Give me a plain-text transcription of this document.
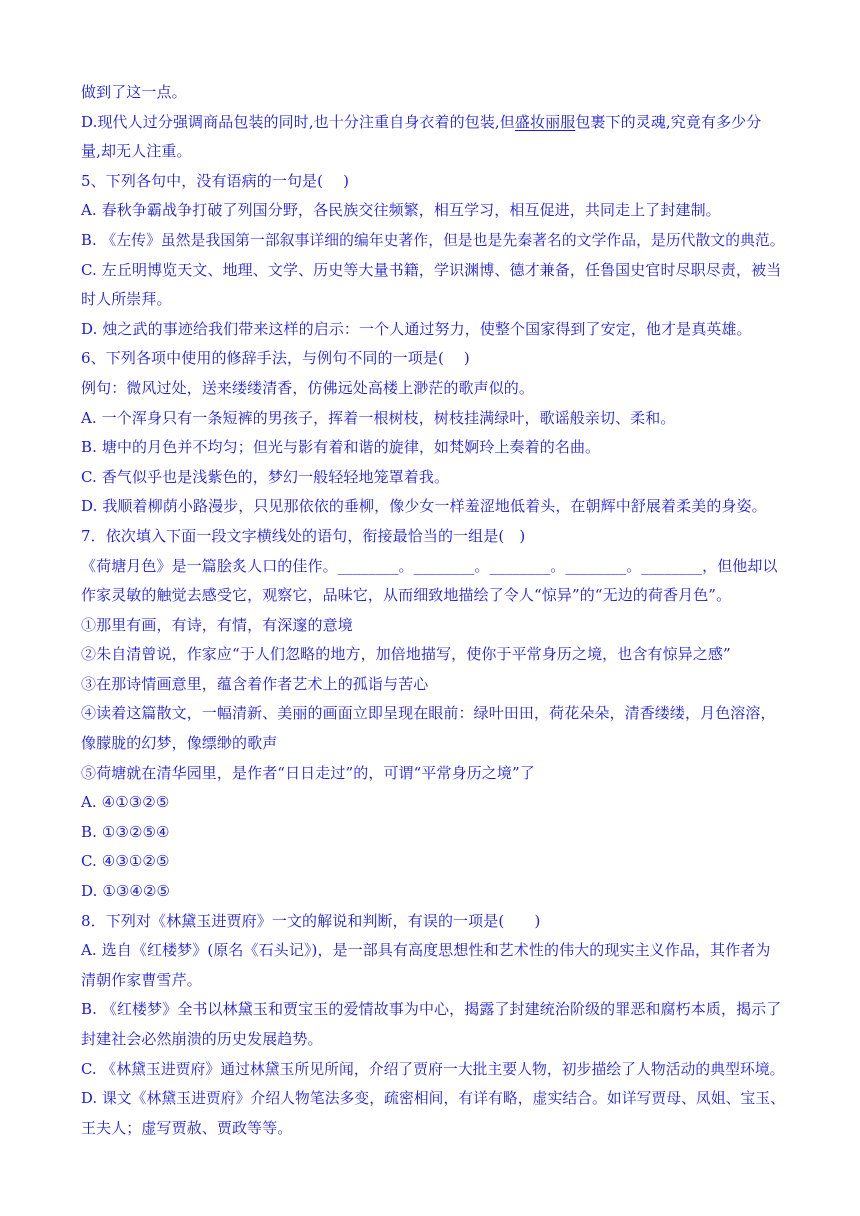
做到了这一点。
D.现代人过分强调商品包装的同时,也十分注重自身衣着的包装,但盛妆丽服包裹下的灵魂,究竟有多少分
量,却无人注重。
5、下列各句中，没有语病的一句是(　 )
A. 春秋争霸战争打破了列国分野，各民族交往频繁，相互学习，相互促进，共同走上了封建制。
B. 《左传》虽然是我国第一部叙事详细的编年史著作，但是也是先秦著名的文学作品，是历代散文的典范。
C. 左丘明博览天文、地理、文学、历史等大量书籍，学识渊博、德才兼备，任鲁国史官时尽职尽责，被当
时人所崇拜。
D. 烛之武的事迹给我们带来这样的启示：一个人通过努力，使整个国家得到了安定，他才是真英雄。
6、下列各项中使用的修辞手法，与例句不同的一项是(　 )
例句：微风过处，送来缕缕清香，仿佛远处高楼上渺茫的歌声似的。
A. 一个浑身只有一条短裤的男孩子，挥着一根树枝，树枝挂满绿叶，歌谣般亲切、柔和。
B. 塘中的月色并不均匀；但光与影有着和谐的旋律，如梵婀玲上奏着的名曲。
C. 香气似乎也是浅紫色的，梦幻一般轻轻地笼罩着我。
D. 我顺着柳荫小路漫步，只见那依依的垂柳，像少女一样羞涩地低着头，在朝辉中舒展着柔美的身姿。
7．依次填入下面一段文字横线处的语句，衔接最恰当的一组是(　)
《荷塘月色》是一篇脍炙人口的佳作。________。________。________。________。________，但他却以
作家灵敏的触觉去感受它，观察它，品味它，从而细致地描绘了令人“惊异”的“无边的荷香月色”。
①那里有画，有诗，有情，有深邃的意境
②朱自清曾说，作家应“于人们忽略的地方，加倍地描写，使你于平常身历之境，也含有惊异之感”
③在那诗情画意里，蕴含着作者艺术上的孤诣与苦心
④读着这篇散文，一幅清新、美丽的画面立即呈现在眼前：绿叶田田，荷花朵朵，清香缕缕，月色溶溶，
像朦胧的幻梦，像缥缈的歌声
⑤荷塘就在清华园里，是作者“日日走过”的，可谓“平常身历之境”了
A. ④①③②⑤
B. ①③②⑤④
C. ④③①②⑤
D. ①③④②⑤
8．下列对《林黛玉进贾府》一文的解说和判断，有误的一项是(　　)
A. 选自《红楼梦》(原名《石头记》)，是一部具有高度思想性和艺术性的伟大的现实主义作品，其作者为
清朝作家曹雪芹。
B. 《红楼梦》全书以林黛玉和贾宝玉的爱情故事为中心，揭露了封建统治阶级的罪恶和腐朽本质，揭示了
封建社会必然崩溃的历史发展趋势。
C. 《林黛玉进贾府》通过林黛玉所见所闻，介绍了贾府一大批主要人物，初步描绘了人物活动的典型环境。
D. 课文《林黛玉进贾府》介绍人物笔法多变，疏密相间，有详有略，虚实结合。如详写贾母、凤姐、宝玉、
王夫人；虚写贾赦、贾政等等。
